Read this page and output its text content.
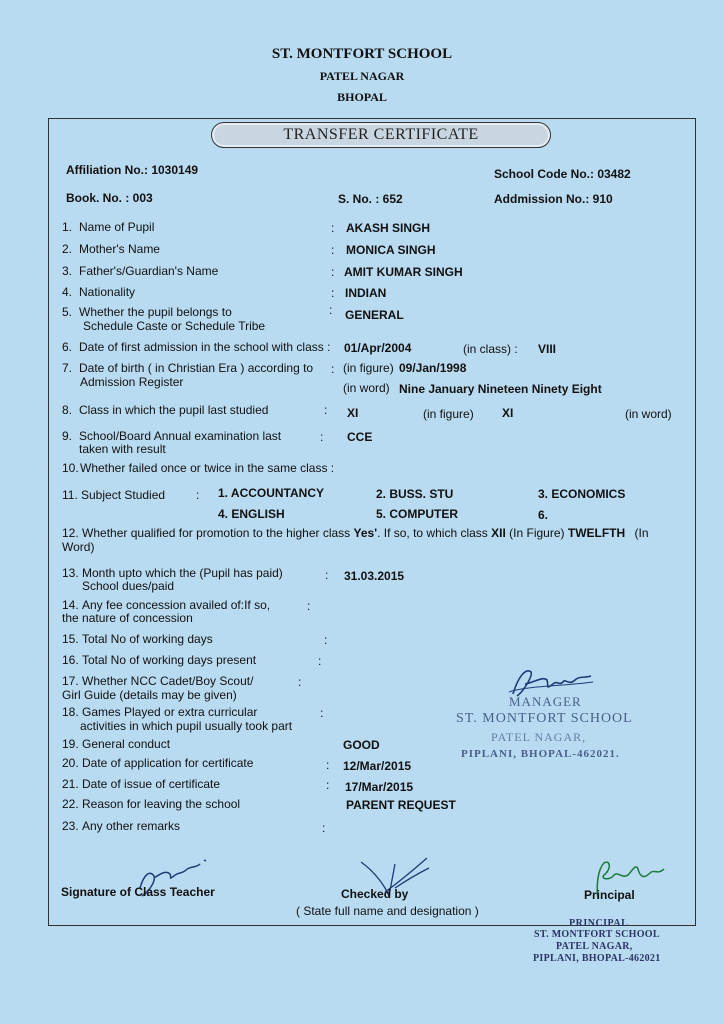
ST. MONTFORT SCHOOL
PATEL NAGAR
BHOPAL
TRANSFER CERTIFICATE
Affiliation No.: 1030149	School Code No.: 03482
Book. No. : 003	S. No. : 652	Addmission No.: 910
1. Name of Pupil	: AKASH SINGH
2. Mother's Name	: MONICA SINGH
3. Father's/Guardian's Name	: AMIT KUMAR SINGH
4. Nationality	: INDIAN
5. Whether the pupil belongs to
Schedule Caste or Schedule Tribe
: GENERAL
6. Date of first admission in the school with class : 01/Apr/2004	(in class) : VIII
7. Date of birth ( in Christian Era ) according to
Admission Register
: (in figure) 09/Jan/1998
(in word) Nine January Nineteen Ninety Eight
8. Class in which the pupil last studied	: XI	(in figure) XI	(in word)
9. School/Board Annual examination last
taken with result
: CCE
10. Whether failed once or twice in the same class :
11. Subject Studied	: 1. ACCOUNTANCY	2. BUSS. STU	3. ECONOMICS
4. ENGLISH	5. COMPUTER	6.
12. Whether qualified for promotion to the higher class Yes'. If so, to which class XII (In Figure) TWELFTH (In
Word)
13. Month upto which the (Pupil has paid)
School dues/paid
: 31.03.2015
14. Any fee concession availed of:If so,
the nature of concession
:
15. Total No of working days	:
16. Total No of working days present	:
17. Whether NCC Cadet/Boy Scout/
Girl Guide (details may be given)
:
18. Games Played or extra curricular
activities in which pupil usually took part
:
19. General conduct	GOOD
20. Date of application for certificate	: 12/Mar/2015
21. Date of issue of certificate	: 17/Mar/2015
22. Reason for leaving the school	PARENT REQUEST
23. Any other remarks	:
MANAGER
ST. MONTFORT SCHOOL
PATEL NAGAR,
PIPLANI, BHOPAL-462021.
Signature of Class Teacher	Checked by
( State full name and designation )
Principal
PRINCIPAL
ST. MONTFORT SCHOOL
PATEL NAGAR,
PIPLANI, BHOPAL-462021
